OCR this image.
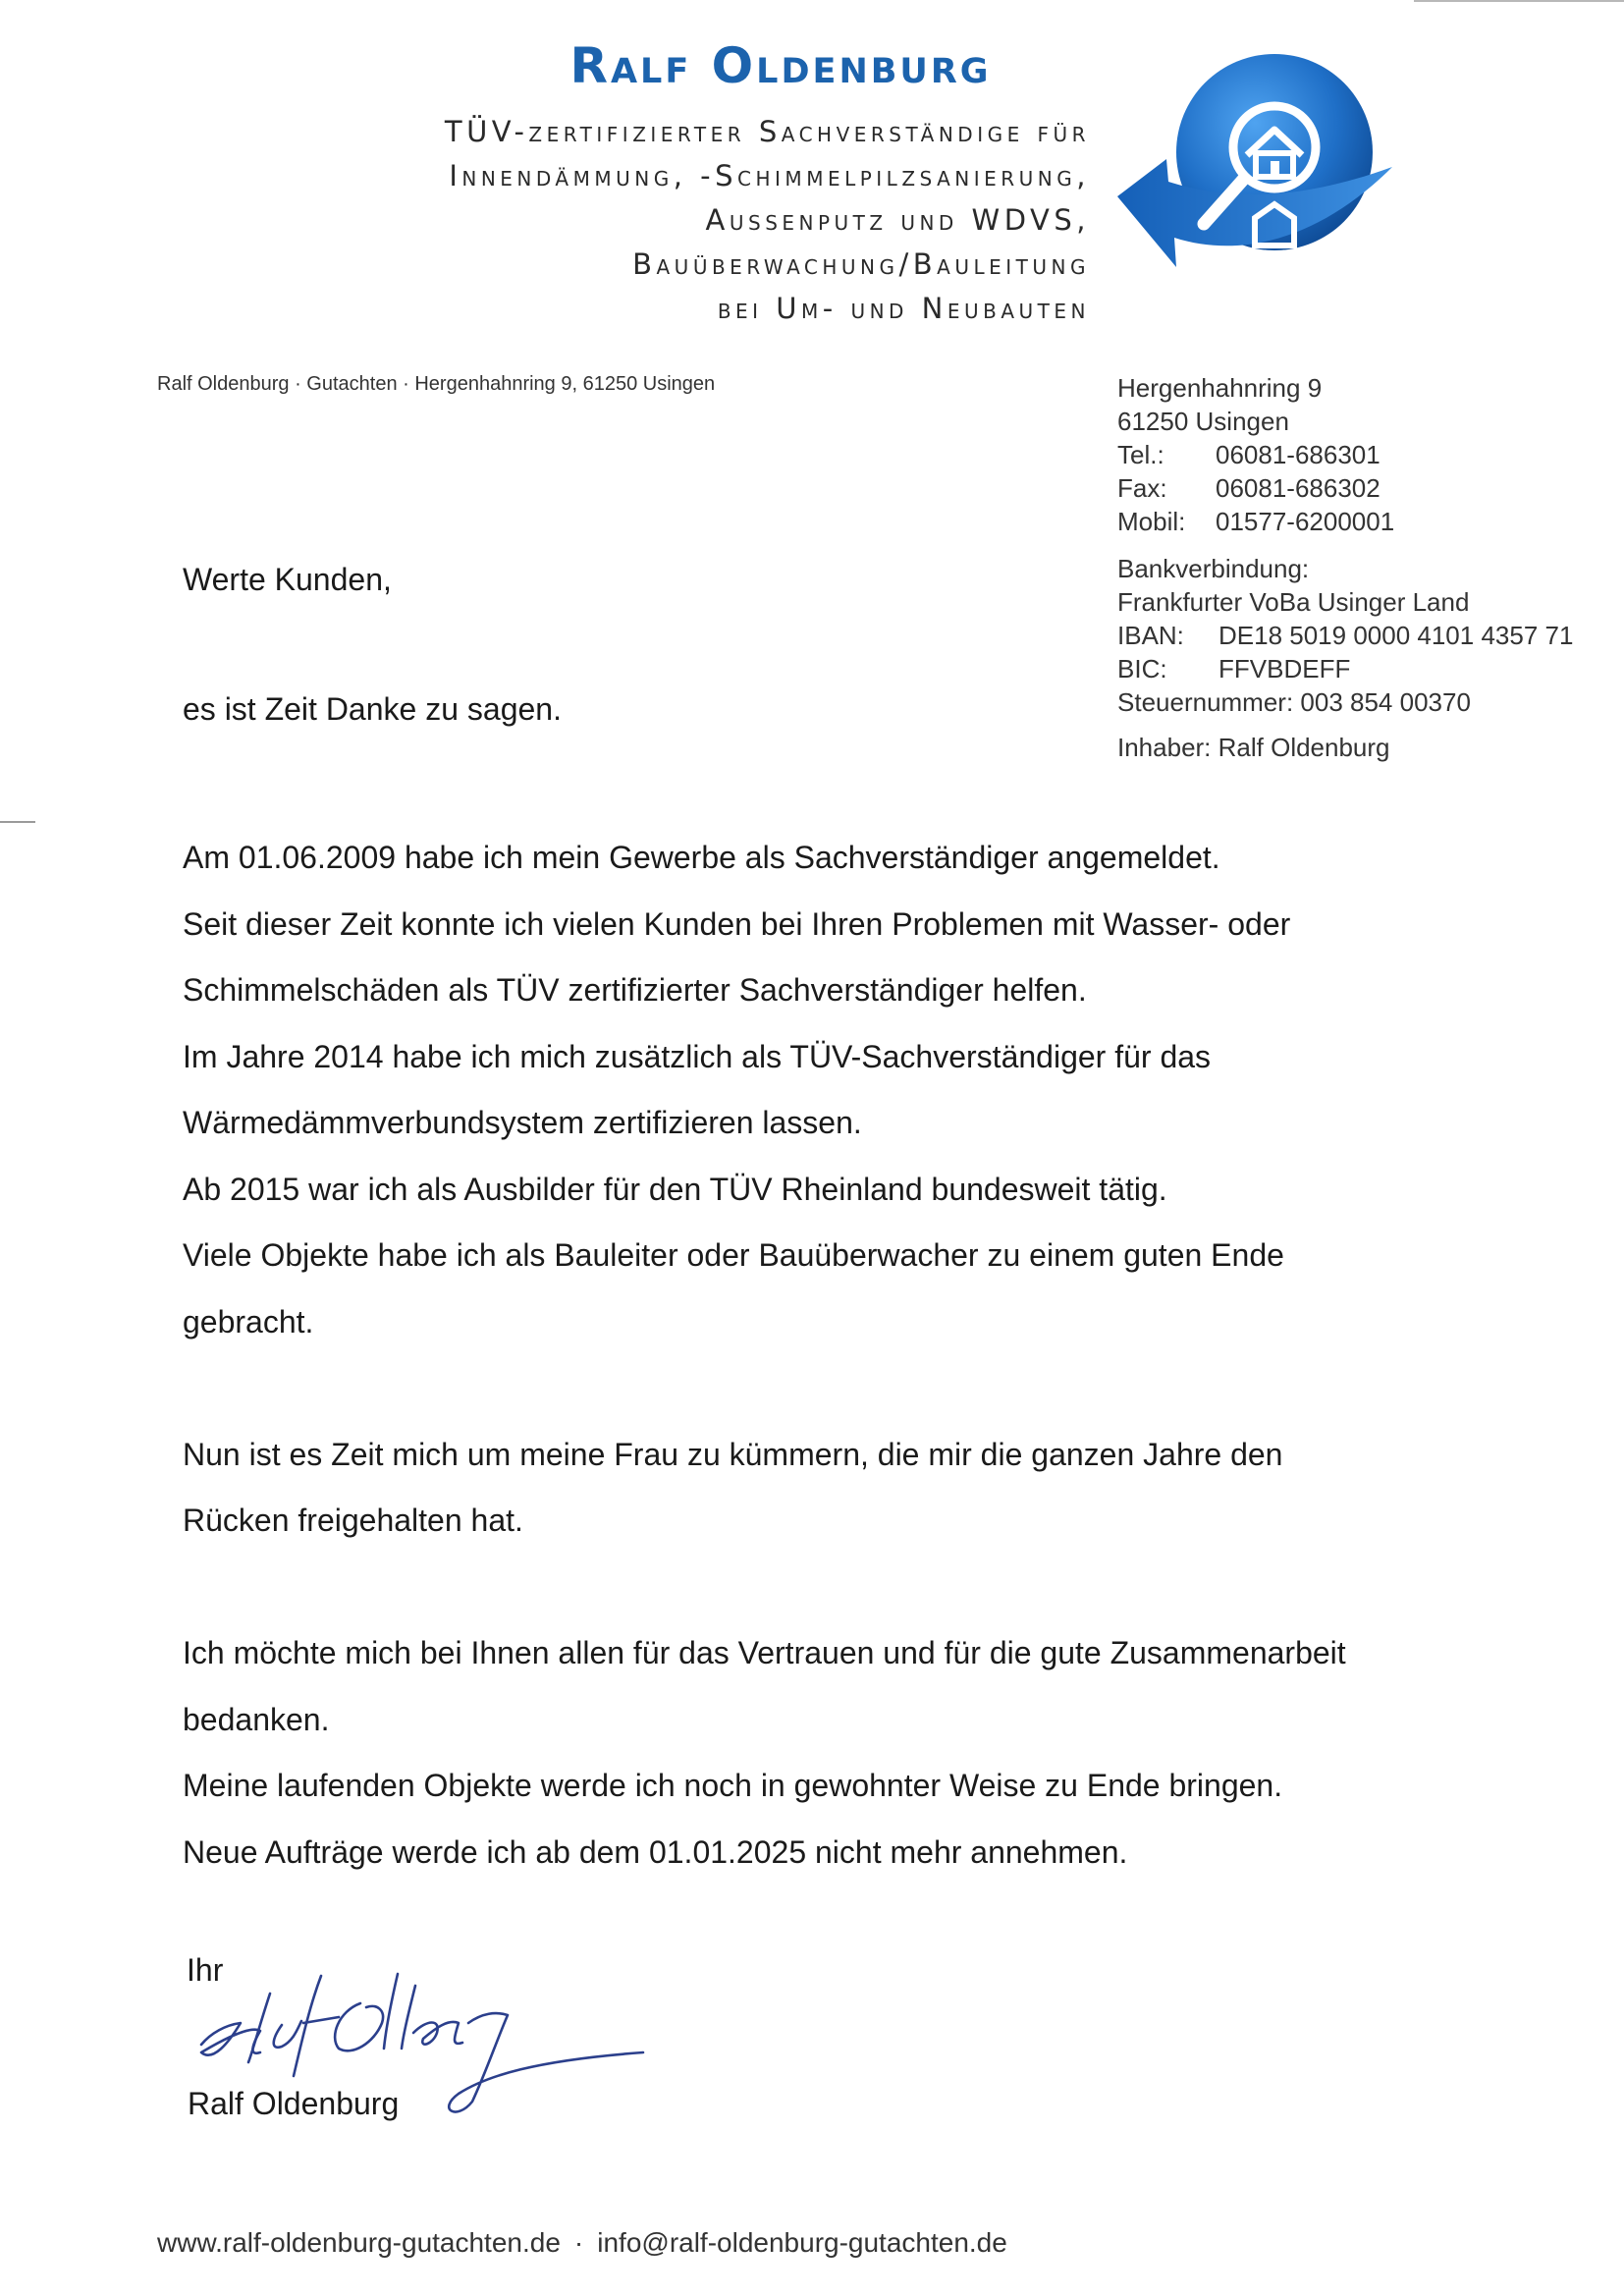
Ralf Oldenburg
TÜV-zertifizierter Sachverständige für
Innendämmung, -Schimmelpilzsanierung,
Aussenputz und WDVS,
Bauüberwachung/Bauleitung
bei Um- und Neubauten
Ralf Oldenburg · Gutachten · Hergenhahnring 9, 61250 Usingen	Hergenhahnring 9
61250 Usingen
Tel.: 06081-686301
Fax: 06081-686302
Mobil: 01577-6200001
Bankverbindung:
Frankfurter VoBa Usinger Land
IBAN: DE18 5019 0000 4101 4357 71
BIC: FFVBDEFF
Steuernummer: 003 854 00370
Inhaber: Ralf Oldenburg
Werte Kunden,
es ist Zeit Danke zu sagen.

Am 01.06.2009 habe ich mein Gewerbe als Sachverständiger angemeldet.

Seit dieser Zeit konnte ich vielen Kunden bei Ihren Problemen mit Wasser- oder

Schimmelschäden als TÜV zertifizierter Sachverständiger helfen.

Im Jahre 2014 habe ich mich zusätzlich als TÜV-Sachverständiger für das

Wärmedämmverbundsystem zertifizieren lassen.

Ab 2015 war ich als Ausbilder für den TÜV Rheinland bundesweit tätig.

Viele Objekte habe ich als Bauleiter oder Bauüberwacher zu einem guten Ende

gebracht.

Nun ist es Zeit mich um meine Frau zu kümmern, die mir die ganzen Jahre den

Rücken freigehalten hat.

Ich möchte mich bei Ihnen allen für das Vertrauen und für die gute Zusammenarbeit

bedanken.

Meine laufenden Objekte werde ich noch in gewohnter Weise zu Ende bringen.

Neue Aufträge werde ich ab dem 01.01.2025 nicht mehr annehmen.

Ihr
Ralf Oldenburg
www.ralf-oldenburg-gutachten.de · info@ralf-oldenburg-gutachten.de
